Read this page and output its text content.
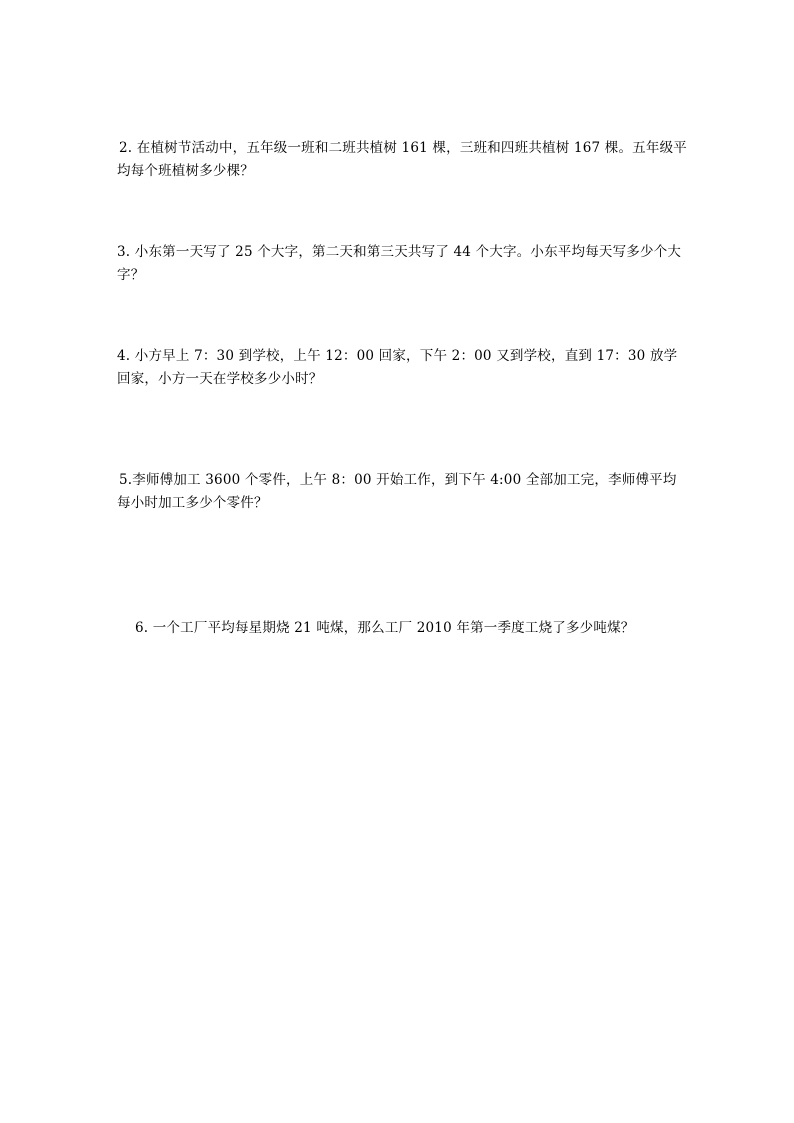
2. 在植树节活动中，五年级一班和二班共植树 161 棵，三班和四班共植树 167 棵。五年级平均每个班植树多少棵？
3. 小东第一天写了 25 个大字，第二天和第三天共写了 44 个大字。小东平均每天写多少个大字？
4. 小方早上 7：30 到学校，上午 12：00 回家，下午 2：00 又到学校，直到 17：30 放学回家，小方一天在学校多少小时？
5.李师傅加工 3600 个零件，上午 8：00 开始工作，到下午 4:00 全部加工完，李师傅平均每小时加工多少个零件？
6. 一个工厂平均每星期烧 21 吨煤，那么工厂 2010 年第一季度工烧了多少吨煤？
